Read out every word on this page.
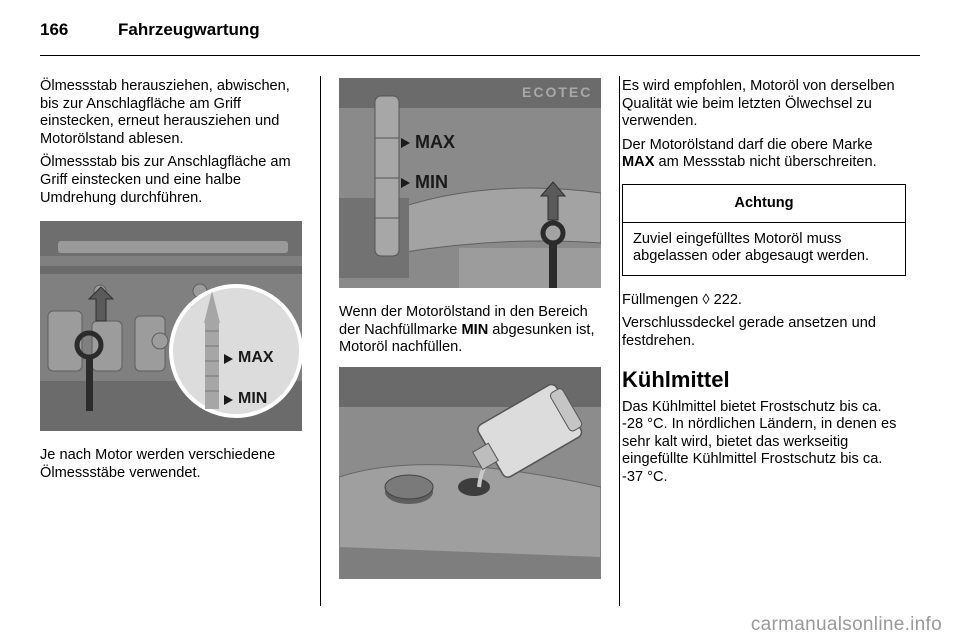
166	Fahrzeugwartung

Ölmessstab herausziehen, abwischen, bis zur Anschlagfläche am Griff einstecken, erneut herausziehen und Motorölstand ablesen.

Ölmessstab bis zur Anschlagfläche am Griff einstecken und eine halbe Umdrehung durchführen.

MAX
MIN

Je nach Motor werden verschiedene Ölmessstäbe verwendet.

ECOTEC
MAX
MIN

Wenn der Motorölstand in den Bereich der Nachfüllmarke MIN abgesunken ist, Motoröl nachfüllen.

Es wird empfohlen, Motoröl von derselben Qualität wie beim letzten Ölwechsel zu verwenden.

Der Motorölstand darf die obere Marke MAX am Messstab nicht überschreiten.

Achtung
Zuviel eingefülltes Motoröl muss abgelassen oder abgesaugt werden.

Füllmengen ◊ 222.

Verschlussdeckel gerade ansetzen und festdrehen.

Kühlmittel

Das Kühlmittel bietet Frostschutz bis ca. -28 °C. In nördlichen Ländern, in denen es sehr kalt wird, bietet das werkseitig eingefüllte Kühlmittel Frostschutz bis ca. -37 °C.

carmanualsonline.info
